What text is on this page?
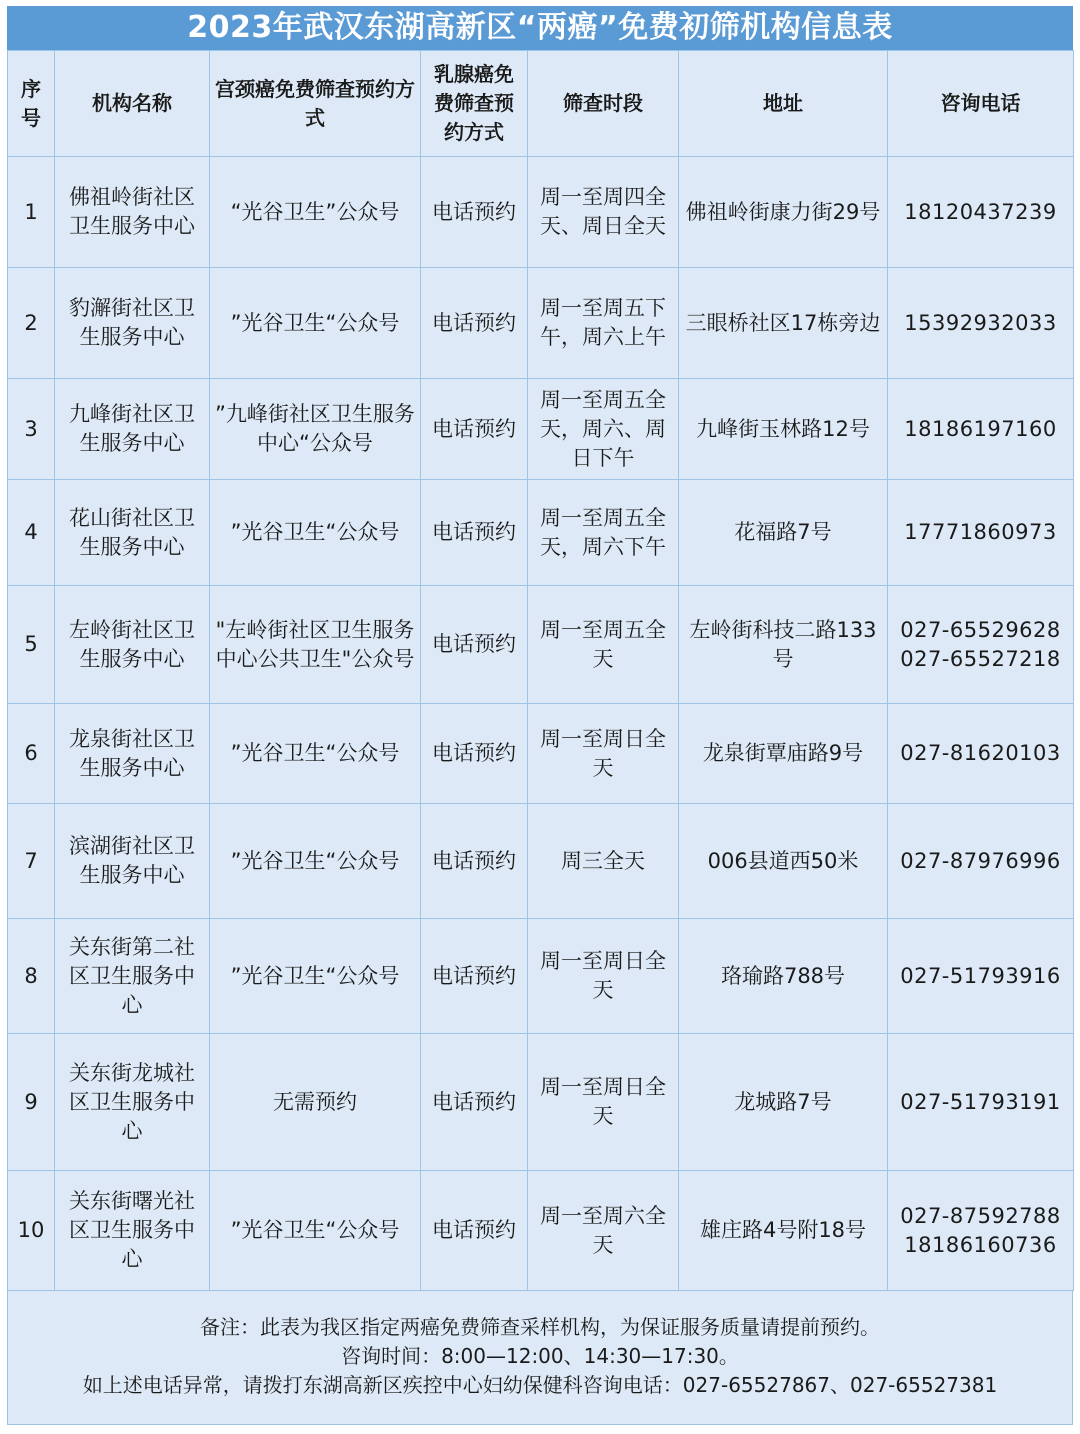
2023年武汉东湖高新区“两癌”免费初筛机构信息表
序号	机构名称	宫颈癌免费筛查预约方式	乳腺癌免费筛查预约方式	筛查时段	地址	咨询电话
1	佛祖岭街社区卫生服务中心	“光谷卫生”公众号	电话预约	周一至周四全天、周日全天	佛祖岭街康力街29号	18120437239

2	豹澥街社区卫生服务中心	”光谷卫生“公众号	电话预约	周一至周五下午，周六上午	三眼桥社区17栋旁边	15392932033

3	九峰街社区卫生服务中心	”九峰街社区卫生服务中心“公众号	电话预约	周一至周五全天，周六、周日下午	九峰街玉林路12号	18186197160

4	花山街社区卫生服务中心	”光谷卫生“公众号	电话预约	周一至周五全天，周六下午	花福路7号	17771860973

5	左岭街社区卫生服务中心	"左岭街社区卫生服务中心公共卫生"公众号	电话预约	周一至周五全天	左岭街科技二路133号	027-65529628
027-65527218

6	龙泉街社区卫生服务中心	”光谷卫生“公众号	电话预约	周一至周日全天	龙泉街覃庙路9号	027-81620103

7	滨湖街社区卫生服务中心	”光谷卫生“公众号	电话预约	周三全天	006县道西50米	027-87976996

8	关东街第二社区卫生服务中心	”光谷卫生“公众号	电话预约	周一至周日全天	珞瑜路788号	027-51793916

9	关东街龙城社区卫生服务中心	无需预约	电话预约	周一至周日全天	龙城路7号	027-51793191

10	关东街曙光社区卫生服务中心	”光谷卫生“公众号	电话预约	周一至周六全天	雄庄路4号附18号	027-87592788
18186160736
备注：此表为我区指定两癌免费筛查采样机构，为保证服务质量请提前预约。
咨询时间：8:00—12:00、14:30—17:30。
如上述电话异常，请拨打东湖高新区疾控中心妇幼保健科咨询电话：027-65527867、027-65527381
